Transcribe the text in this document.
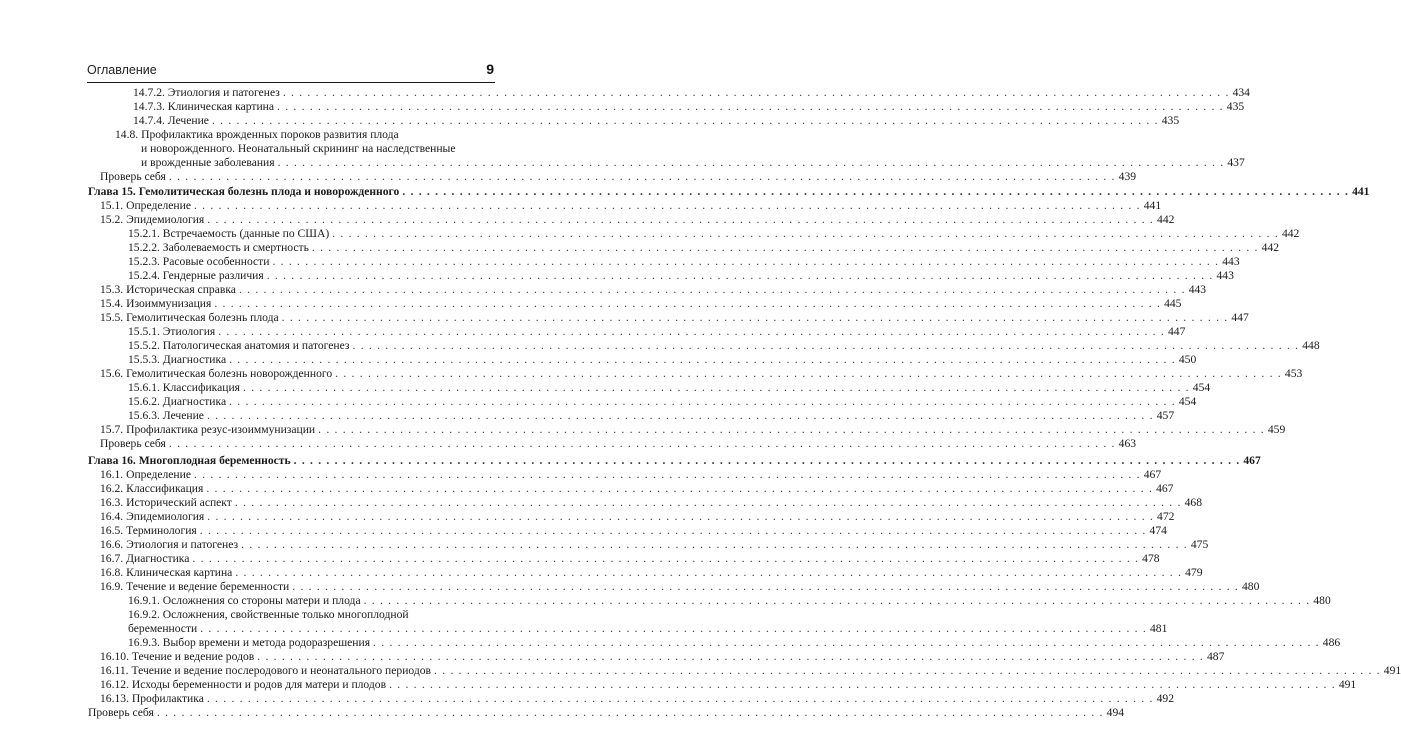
Оглавление	9
14.7.2. Этиология и патогенез . . .	434
14.7.3. Клиническая картина . . .	435
14.7.4. Лечение . . .	435
14.8. Профилактика врожденных пороков развития плода
и новорожденного. Неонатальный скрининг на наследственные
и врожденные заболевания . . .	437
Проверь себя . . .	439
Глава 15. Гемолитическая болезнь плода и новорожденного . . .	441
15.1. Определение . . .	441
15.2. Эпидемиология . . .	442
15.2.1. Встречаемость (данные по США) . . .	442
15.2.2. Заболеваемость и смертность . . .	442
15.2.3. Расовые особенности . . .	443
15.2.4. Гендерные различия . . .	443
15.3. Историческая справка . . .	443
15.4. Изоиммунизация . . .	445
15.5. Гемолитическая болезнь плода . . .	447
15.5.1. Этиология . . .	447
15.5.2. Патологическая анатомия и патогенез . . .	448
15.5.3. Диагностика . . .	450
15.6. Гемолитическая болезнь новорожденного . . .	453
15.6.1. Классификация . . .	454
15.6.2. Диагностика . . .	454
15.6.3. Лечение . . .	457
15.7. Профилактика резус-изоиммунизации . . .	459
Проверь себя . . .	463
Глава 16. Многоплодная беременность . . .	467
16.1. Определение . . .	467
16.2. Классификация . . .	467
16.3. Исторический аспект . . .	468
16.4. Эпидемиология . . .	472
16.5. Терминология . . .	474
16.6. Этиология и патогенез . . .	475
16.7. Диагностика . . .	478
16.8. Клиническая картина . . .	479
16.9. Течение и ведение беременности . . .	480
16.9.1. Осложнения со стороны матери и плода . . .	480
16.9.2. Осложнения, свойственные только многоплодной
беременности . . .	481
16.9.3. Выбор времени и метода родоразрешения . . .	486
16.10. Течение и ведение родов . . .	487
16.11. Течение и ведение послеродового и неонатального периодов . . .	491
16.12. Исходы беременности и родов для матери и плодов . . .	491
16.13. Профилактика . . .	492
Проверь себя . . .	494
